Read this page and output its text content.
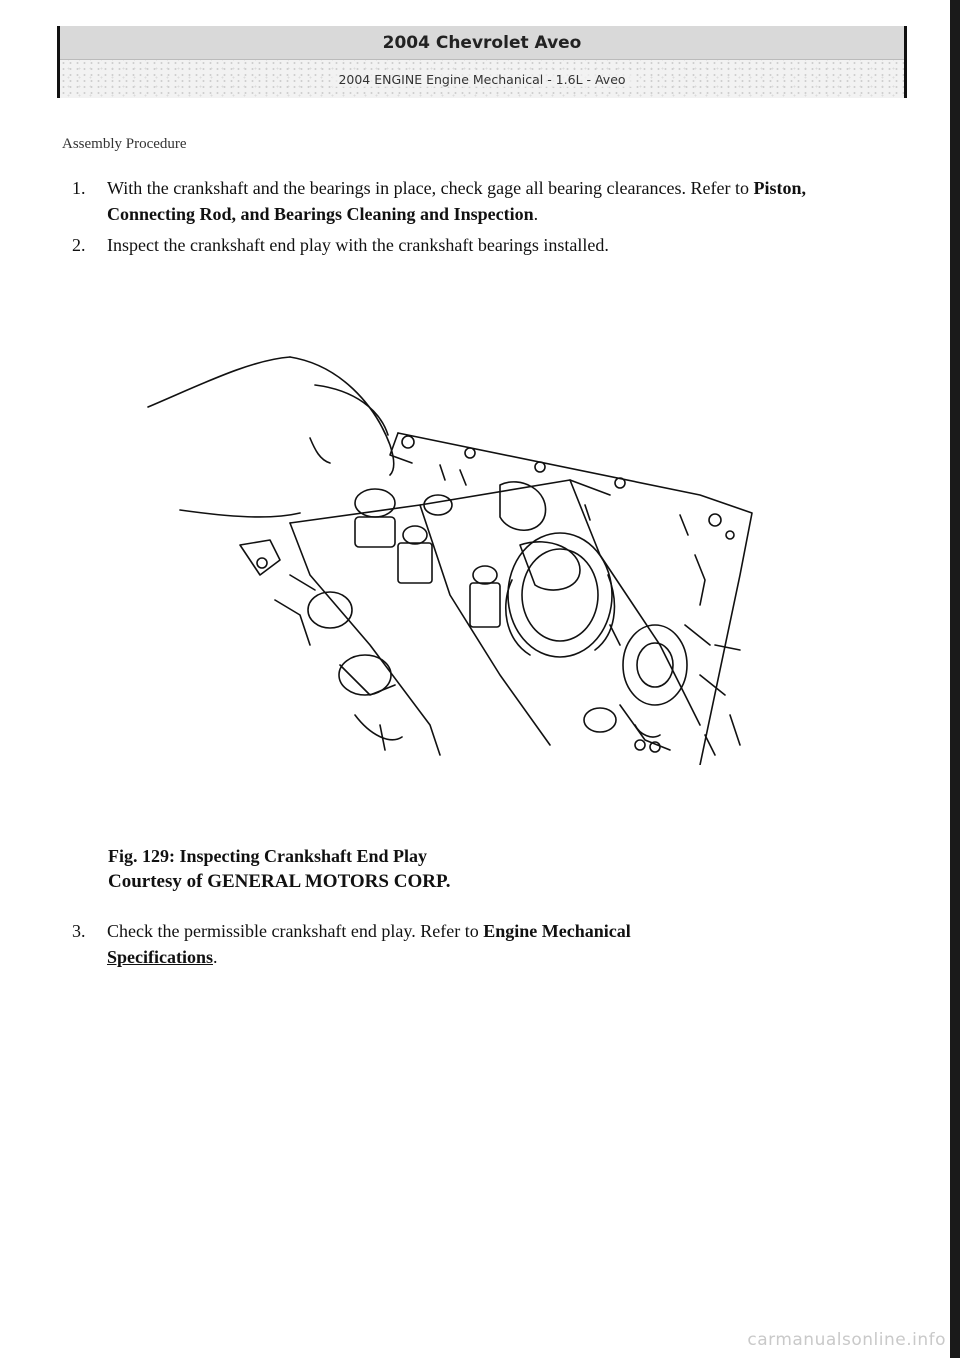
2004 Chevrolet Aveo
2004 ENGINE Engine Mechanical - 1.6L - Aveo
Assembly Procedure
1.	With the crankshaft and the bearings in place, check gage all bearing clearances. Refer to Piston, Connecting Rod, and Bearings Cleaning and Inspection.
2.	Inspect the crankshaft end play with the crankshaft bearings installed.
Fig. 129: Inspecting Crankshaft End Play
Courtesy of GENERAL MOTORS CORP.
3.	Check the permissible crankshaft end play. Refer to Engine Mechanical
Specifications.
carmanualsonline.info
